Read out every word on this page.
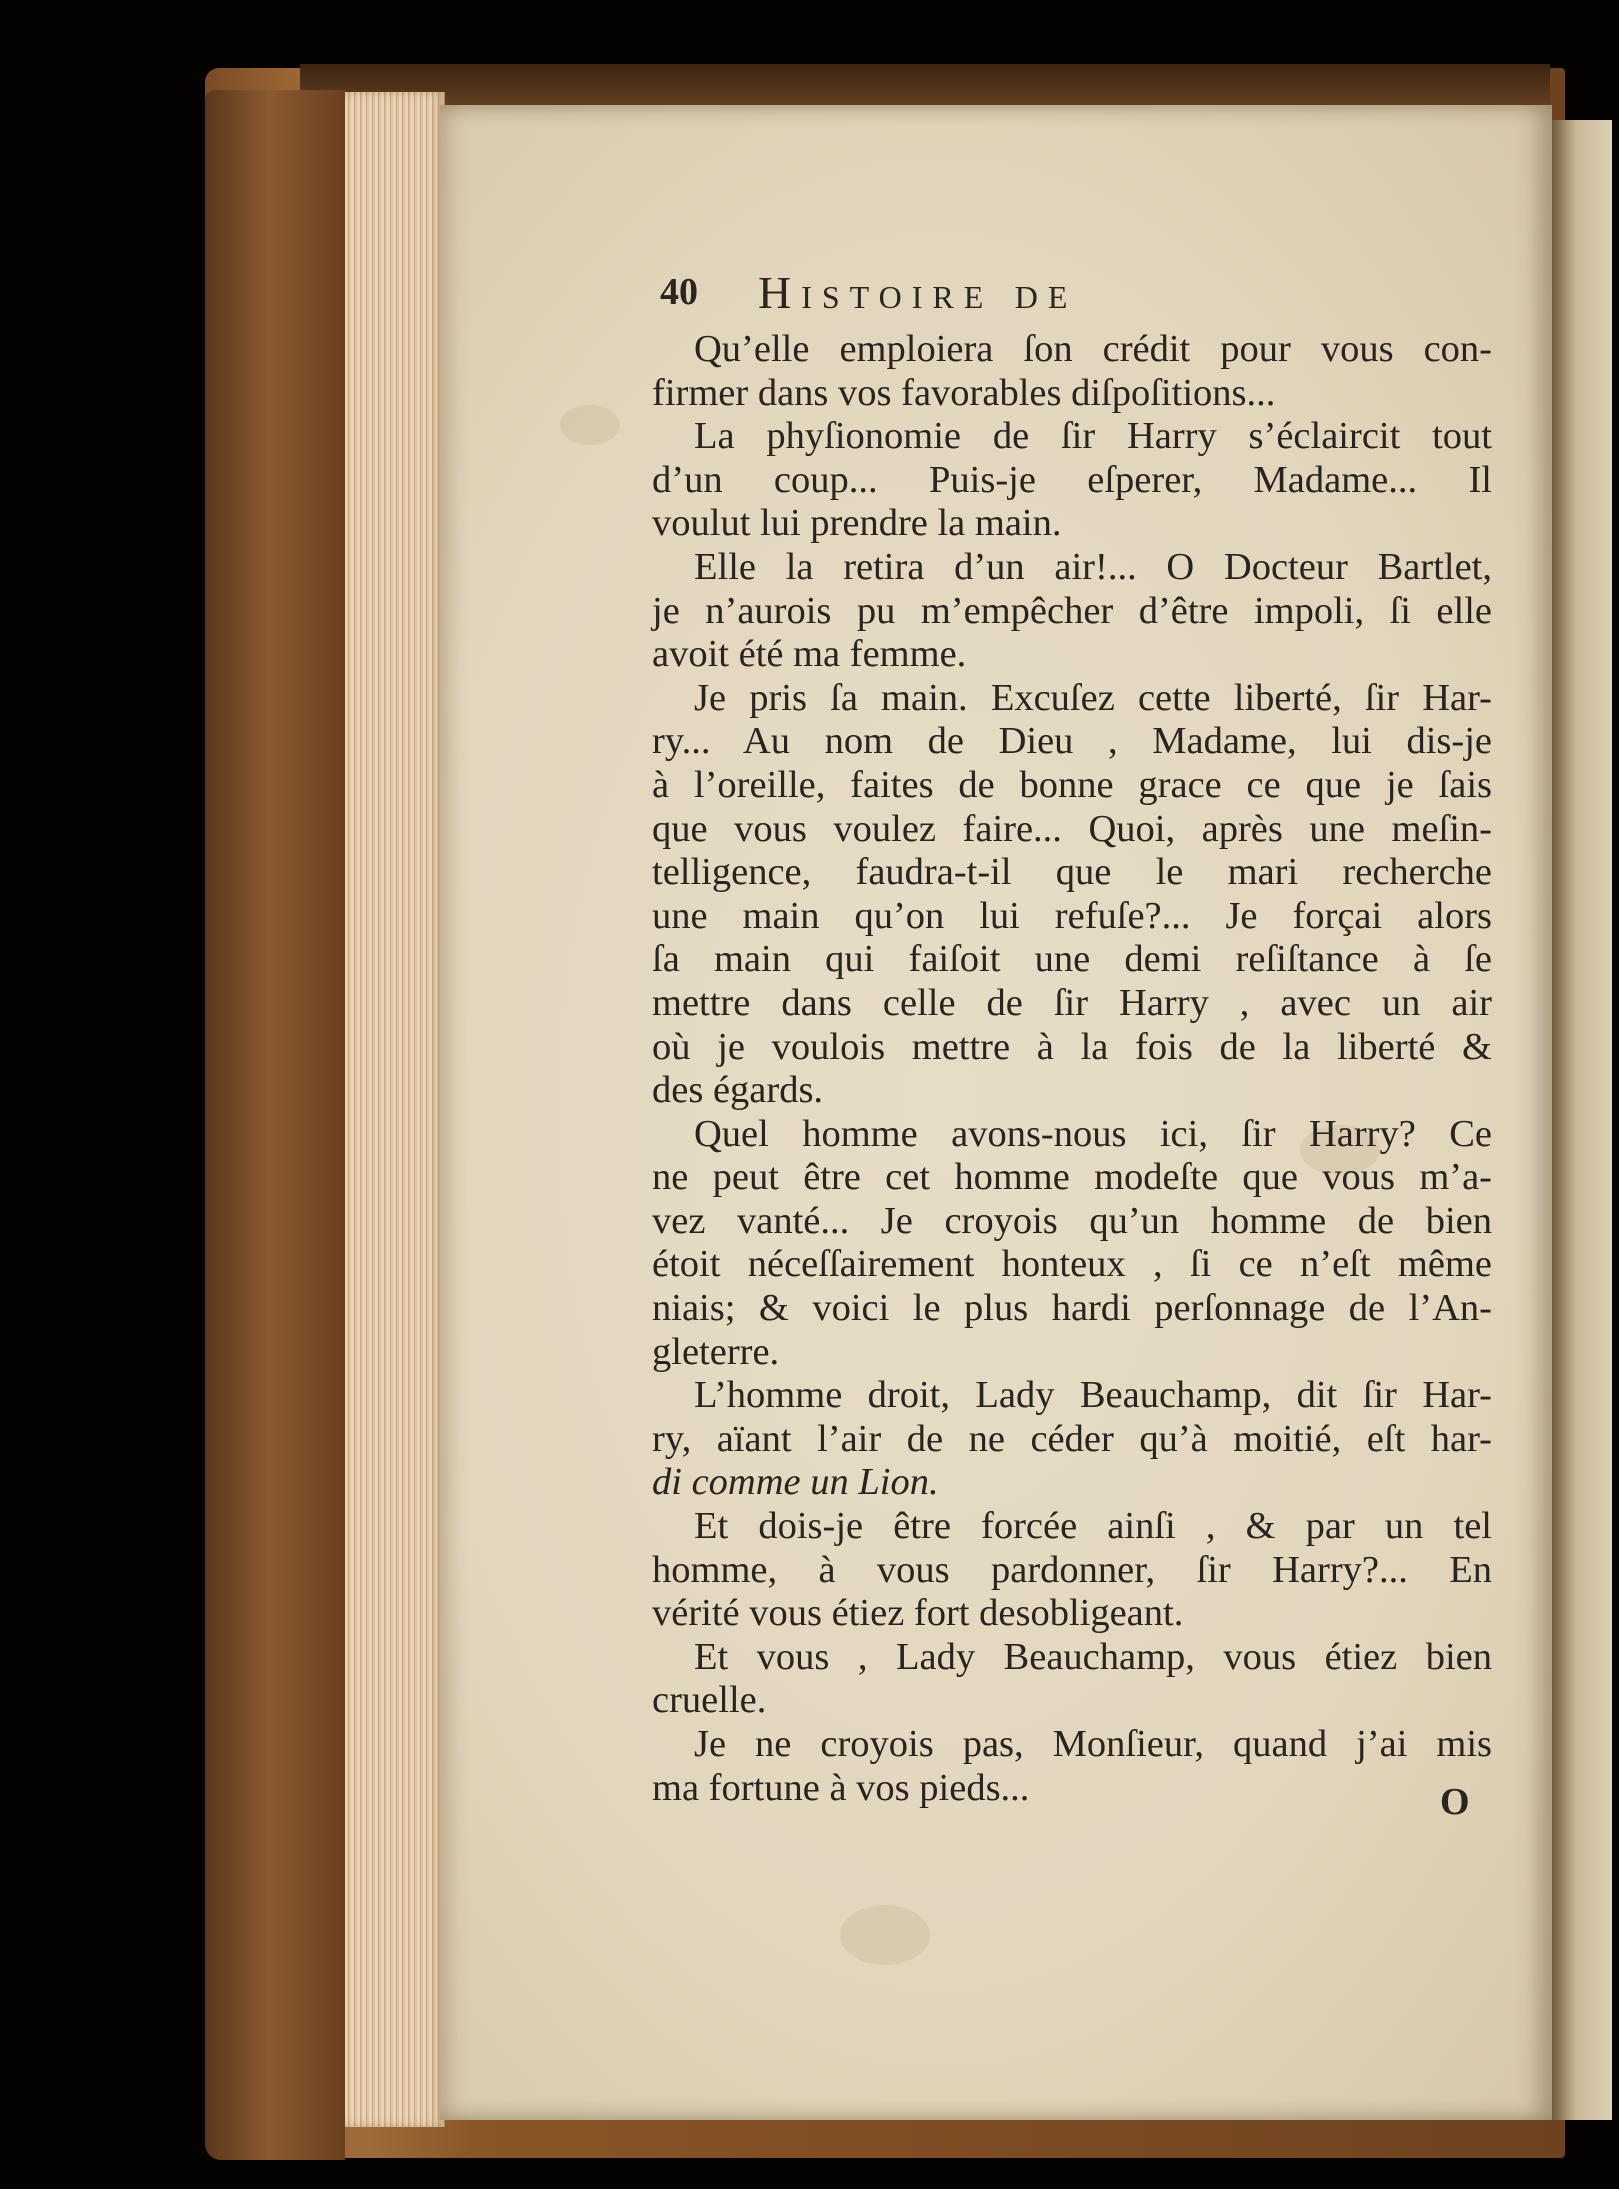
40 Histoire de
Qu’elle emploiera ſon crédit pour vous con-
firmer dans vos favorables diſpoſitions...
La phyſionomie de ſir Harry s’éclaircit tout
d’un coup... Puis-je eſperer, Madame... Il
voulut lui prendre la main.
Elle la retira d’un air!... O Docteur Bartlet,
je n’aurois pu m’empêcher d’être impoli, ſi elle
avoit été ma femme.
Je pris ſa main. Excuſez cette liberté, ſir Har-
ry... Au nom de Dieu , Madame, lui dis-je
à l’oreille, faites de bonne grace ce que je ſais
que vous voulez faire... Quoi, après une meſin-
telligence, faudra-t-il que le mari recherche
une main qu’on lui refuſe?... Je forçai alors
ſa main qui faiſoit une demi reſiſtance à ſe
mettre dans celle de ſir Harry , avec un air
où je voulois mettre à la fois de la liberté &
des égards.
Quel homme avons-nous ici, ſir Harry? Ce
ne peut être cet homme modeſte que vous m’a-
vez vanté... Je croyois qu’un homme de bien
étoit néceſſairement honteux , ſi ce n’eſt même
niais; & voici le plus hardi perſonnage de l’An-
gleterre.
L’homme droit, Lady Beauchamp, dit ſir Har-
ry, aïant l’air de ne céder qu’à moitié, eſt har-
di comme un Lion.
Et dois-je être forcée ainſi , & par un tel
homme, à vous pardonner, ſir Harry?... En
vérité vous étiez fort desobligeant.
Et vous , Lady Beauchamp, vous étiez bien
cruelle.
Je ne croyois pas, Monſieur, quand j’ai mis
ma fortune à vos pieds...	O
